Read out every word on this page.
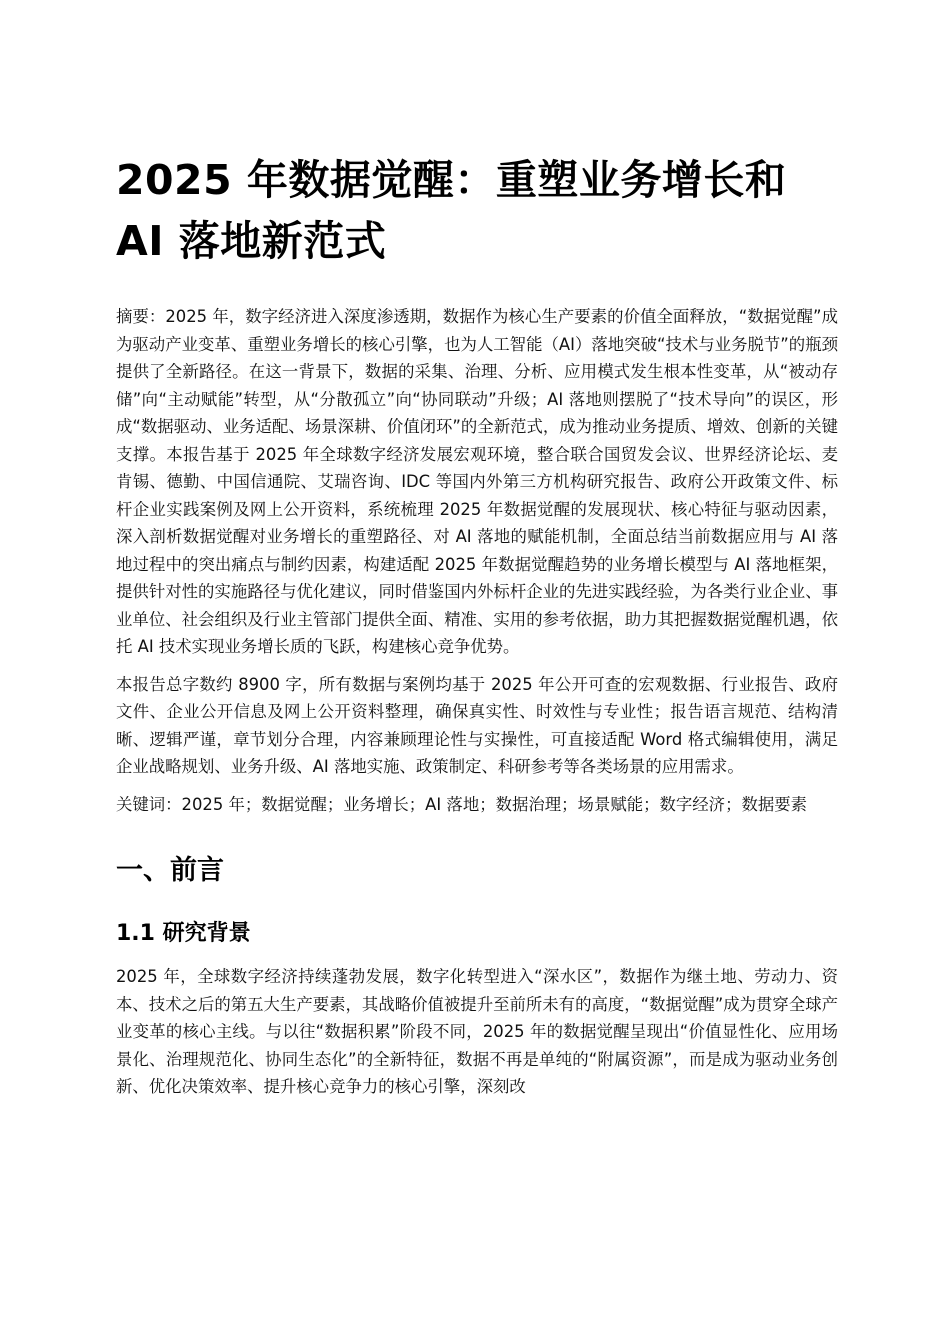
2025 年数据觉醒：重塑业务增长和 AI 落地新范式

摘要：2025 年，数字经济进入深度渗透期，数据作为核心生产要素的价值全面释放，“数据觉醒”成为驱动产业变革、重塑业务增长的核心引擎，也为人工智能（AI）落地突破“技术与业务脱节”的瓶颈提供了全新路径。在这一背景下，数据的采集、治理、分析、应用模式发生根本性变革，从“被动存储”向“主动赋能”转型，从“分散孤立”向“协同联动”升级；AI 落地则摆脱了“技术导向”的误区，形成“数据驱动、业务适配、场景深耕、价值闭环”的全新范式，成为推动业务提质、增效、创新的关键支撑。本报告基于 2025 年全球数字经济发展宏观环境，整合联合国贸发会议、世界经济论坛、麦肯锡、德勤、中国信通院、艾瑞咨询、IDC 等国内外第三方机构研究报告、政府公开政策文件、标杆企业实践案例及网上公开资料，系统梳理 2025 年数据觉醒的发展现状、核心特征与驱动因素，深入剖析数据觉醒对业务增长的重塑路径、对 AI 落地的赋能机制，全面总结当前数据应用与 AI 落地过程中的突出痛点与制约因素，构建适配 2025 年数据觉醒趋势的业务增长模型与 AI 落地框架，提供针对性的实施路径与优化建议，同时借鉴国内外标杆企业的先进实践经验，为各类行业企业、事业单位、社会组织及行业主管部门提供全面、精准、实用的参考依据，助力其把握数据觉醒机遇，依托 AI 技术实现业务增长质的飞跃，构建核心竞争优势。

本报告总字数约 8900 字，所有数据与案例均基于 2025 年公开可查的宏观数据、行业报告、政府文件、企业公开信息及网上公开资料整理，确保真实性、时效性与专业性；报告语言规范、结构清晰、逻辑严谨，章节划分合理，内容兼顾理论性与实操性，可直接适配 Word 格式编辑使用，满足企业战略规划、业务升级、AI 落地实施、政策制定、科研参考等各类场景的应用需求。

关键词：2025 年；数据觉醒；业务增长；AI 落地；数据治理；场景赋能；数字经济；数据要素

一、前言
1.1 研究背景

2025 年，全球数字经济持续蓬勃发展，数字化转型进入“深水区”，数据作为继土地、劳动力、资本、技术之后的第五大生产要素，其战略价值被提升至前所未有的高度，“数据觉醒”成为贯穿全球产业变革的核心主线。与以往“数据积累”阶段不同，2025 年的数据觉醒呈现出“价值显性化、应用场景化、治理规范化、协同生态化”的全新特征，数据不再是单纯的“附属资源”，而是成为驱动业务创新、优化决策效率、提升核心竞争力的核心引擎，深刻改
